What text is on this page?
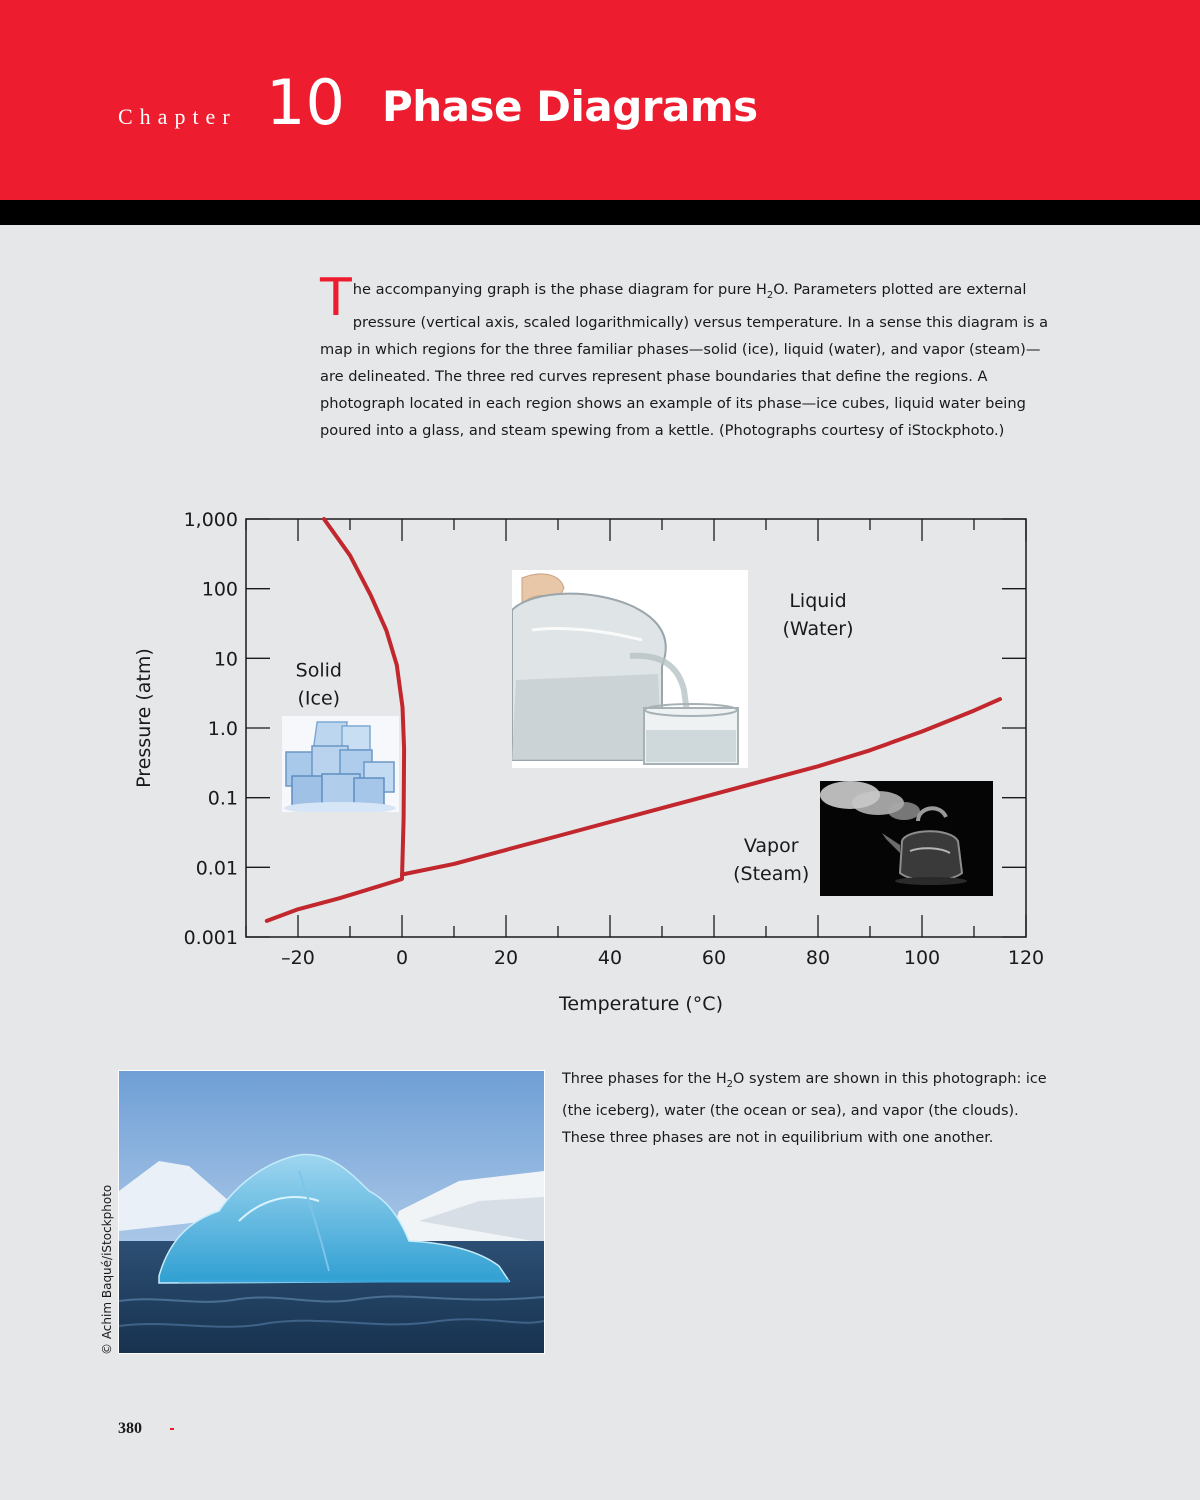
Chapter 10 Phase Diagrams
The accompanying graph is the phase diagram for pure $H_2O$. Parameters plotted are external pressure (vertical axis, scaled logarithmically) versus temperature. In a sense this diagram is a map in which regions for the three familiar phases—solid (ice), liquid (water), and vapor (steam)—are delineated. The three red curves represent phase boundaries that define the regions. A photograph located in each region shows an example of its phase—ice cubes, liquid water being poured into a glass, and steam spewing from a kettle. (Photographs courtesy of iStockphoto.)
–20	0	20	40	60	80	100	120
0.001
0.01
0.1
1.0
10
100
1,000
Temperature (°C)
Pressure (atm)	Solid
(Ice)
Liquid
(Water)
Vapor
(Steam)
Three phases for the $H_2O$ system are shown in this photograph: ice (the iceberg), water (the ocean or sea), and vapor (the clouds). These three phases are not in equilibrium with one another.
© Achim Baqué/iStockphoto
380
